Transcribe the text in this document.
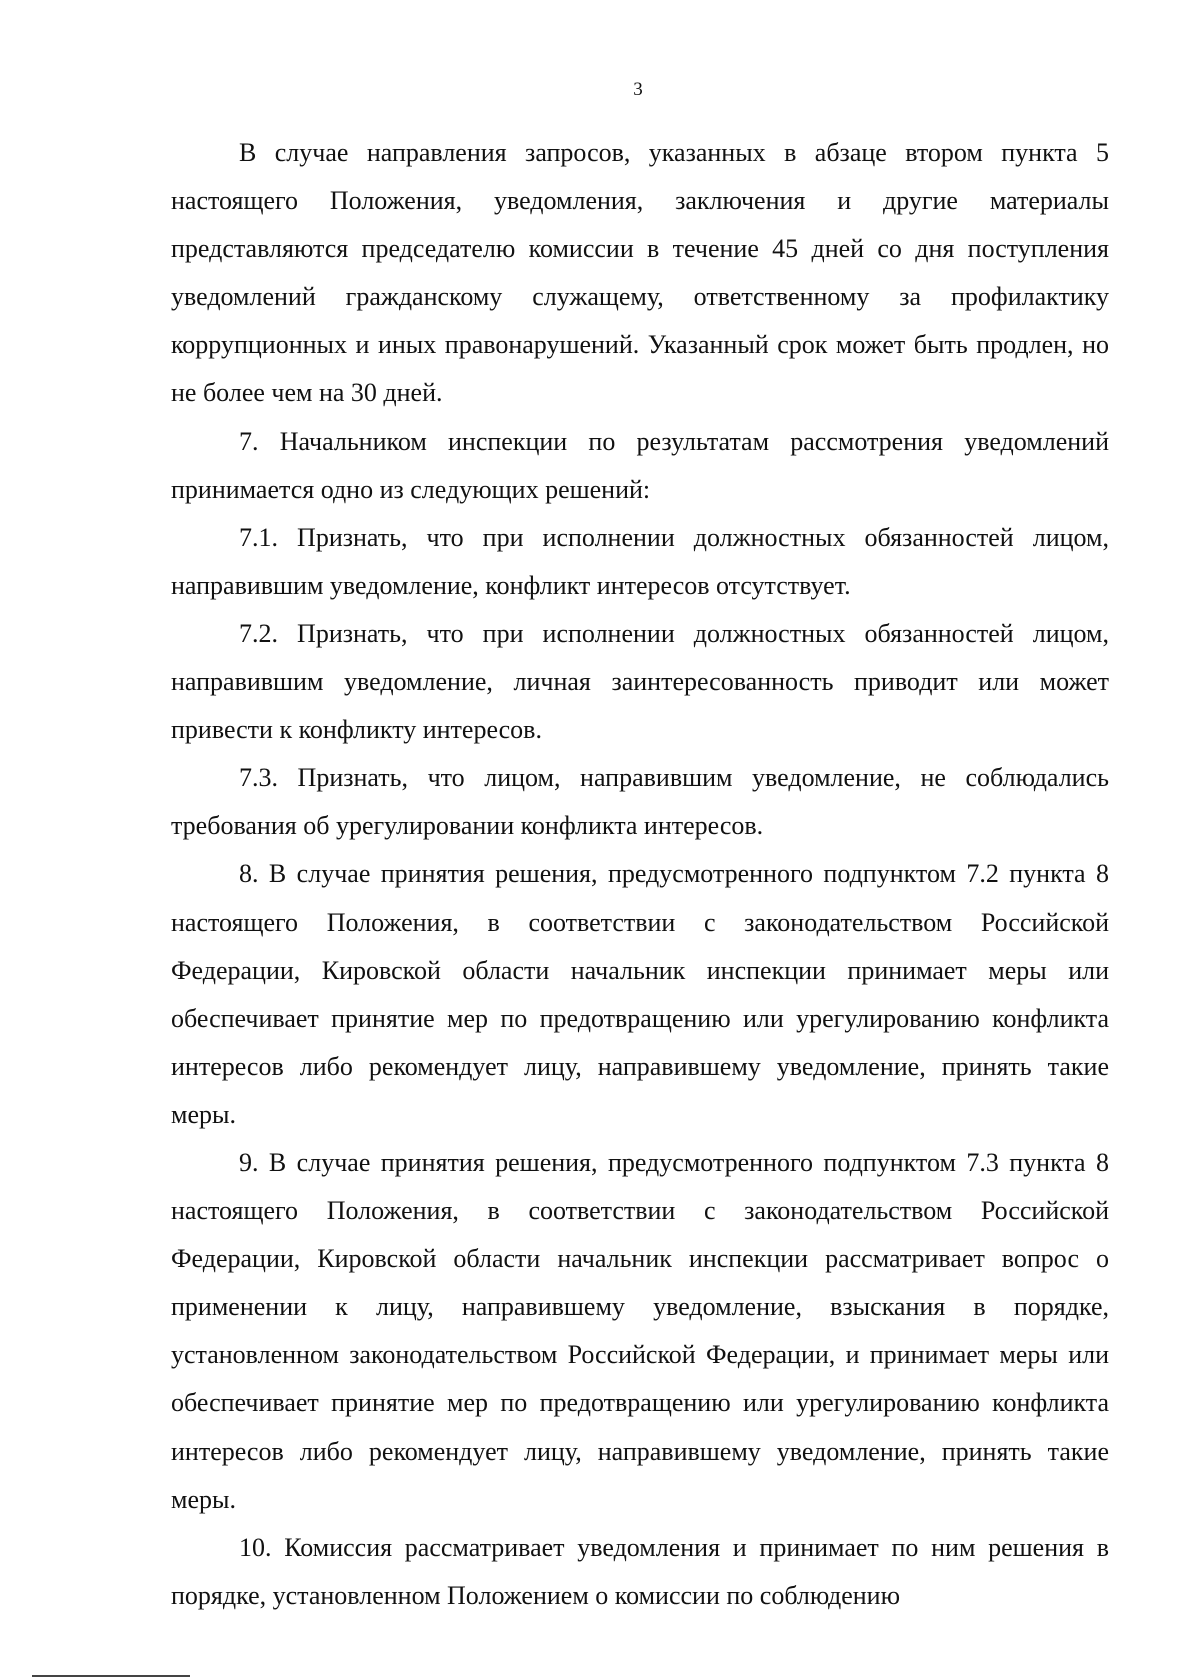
3

В случае направления запросов, указанных в абзаце втором пункта 5 настоящего Положения, уведомления, заключения и другие материалы представляются председателю комиссии в течение 45 дней со дня поступления уведомлений гражданскому служащему, ответственному за профилактику коррупционных и иных правонарушений. Указанный срок может быть продлен, но не более чем на 30 дней.

7. Начальником инспекции по результатам рассмотрения уведомлений принимается одно из следующих решений:

7.1. Признать, что при исполнении должностных обязанностей лицом, направившим уведомление, конфликт интересов отсутствует.

7.2. Признать, что при исполнении должностных обязанностей лицом, направившим уведомление, личная заинтересованность приводит или может привести к конфликту интересов.

7.3. Признать, что лицом, направившим уведомление, не соблюдались требования об урегулировании конфликта интересов.

8. В случае принятия решения, предусмотренного подпунктом 7.2 пункта 8 настоящего Положения, в соответствии с законодательством Российской Федерации, Кировской области начальник инспекции принимает меры или обеспечивает принятие мер по предотвращению или урегулированию конфликта интересов либо рекомендует лицу, направившему уведомление, принять такие меры.

9. В случае принятия решения, предусмотренного подпунктом 7.3 пункта 8 настоящего Положения, в соответствии с законодательством Российской Федерации, Кировской области начальник инспекции рассматривает вопрос о применении к лицу, направившему уведомление, взыскания в порядке, установленном законодательством Российской Федерации, и принимает меры или обеспечивает принятие мер по предотвращению или урегулированию конфликта интересов либо рекомендует лицу, направившему уведомление, принять такие меры.

10. Комиссия рассматривает уведомления и принимает по ним решения в порядке, установленном Положением о комиссии по соблюдению
